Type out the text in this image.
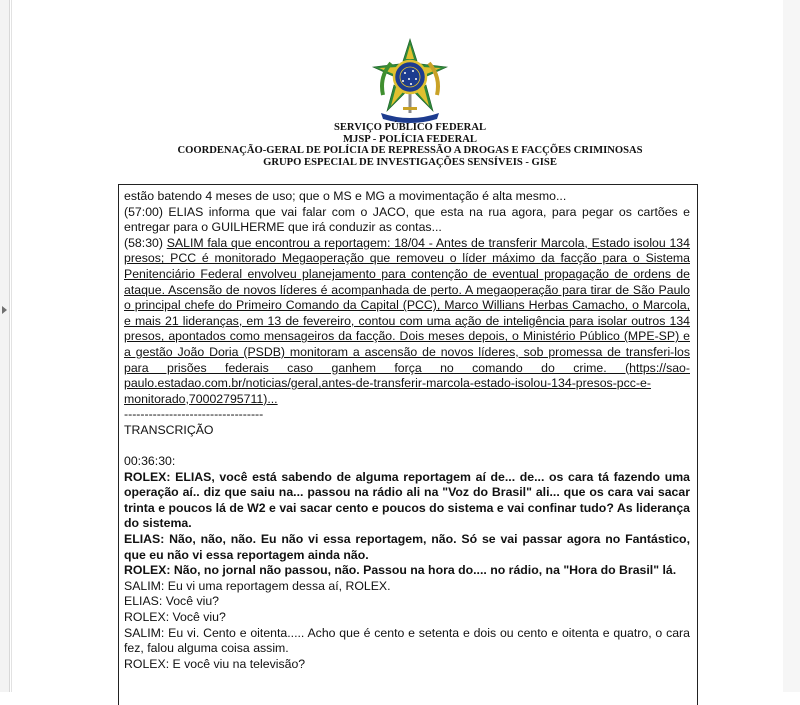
SERVIÇO PÚBLICO FEDERAL
MJSP - POLÍCIA FEDERAL
COORDENAÇÃO-GERAL DE POLÍCIA DE REPRESSÃO A DROGAS E FACÇÕES CRIMINOSAS
GRUPO ESPECIAL DE INVESTIGAÇÕES SENSÍVEIS - GISE

estão batendo 4 meses de uso; que o MS e MG a movimentação é alta mesmo...

(57:00) ELIAS informa que vai falar com o JACO, que esta na rua agora, para pegar os cartões e entregar para o GUILHERME que irá conduzir as contas...

(58:30) SALIM fala que encontrou a reportagem: 18/04 - Antes de transferir Marcola, Estado isolou 134 presos; PCC é monitorado Megaoperação que removeu o líder máximo da facção para o Sistema Penitenciário Federal envolveu planejamento para contenção de eventual propagação de ordens de ataque. Ascensão de novos líderes é acompanhada de perto. A megaoperação para tirar de São Paulo o principal chefe do Primeiro Comando da Capital (PCC), Marco Willians Herbas Camacho, o Marcola, e mais 21 lideranças, em 13 de fevereiro, contou com uma ação de inteligência para isolar outros 134 presos, apontados como mensageiros da facção. Dois meses depois, o Ministério Público (MPE-SP) e a gestão João Doria (PSDB) monitoram a ascensão de novos líderes, sob promessa de transferi-los para prisões federais caso ganhem força no comando do crime. (https://sao-paulo.estadao.com.br/noticias/geral,antes-de-transferir-marcola-estado-isolou-134-presos-pcc-e-monitorado,70002795711)...

----------------------------------

TRANSCRIÇÃO

00:36:30:

ROLEX: ELIAS, você está sabendo de alguma reportagem aí de... de... os cara tá fazendo uma operação aí.. diz que saiu na... passou na rádio ali na "Voz do Brasil" ali... que os cara vai sacar trinta e poucos lá de W2 e vai sacar cento e poucos do sistema e vai confinar tudo? As liderança do sistema.

ELIAS: Não, não, não. Eu não vi essa reportagem, não. Só se vai passar agora no Fantástico, que eu não vi essa reportagem ainda não.

ROLEX: Não, no jornal não passou, não. Passou na hora do.... no rádio, na "Hora do Brasil" lá.

SALIM: Eu vi uma reportagem dessa aí, ROLEX.

ELIAS: Você viu?

ROLEX: Você viu?

SALIM: Eu vi. Cento e oitenta..... Acho que é cento e setenta e dois ou cento e oitenta e quatro, o cara fez, falou alguma coisa assim.

ROLEX: E você viu na televisão?
